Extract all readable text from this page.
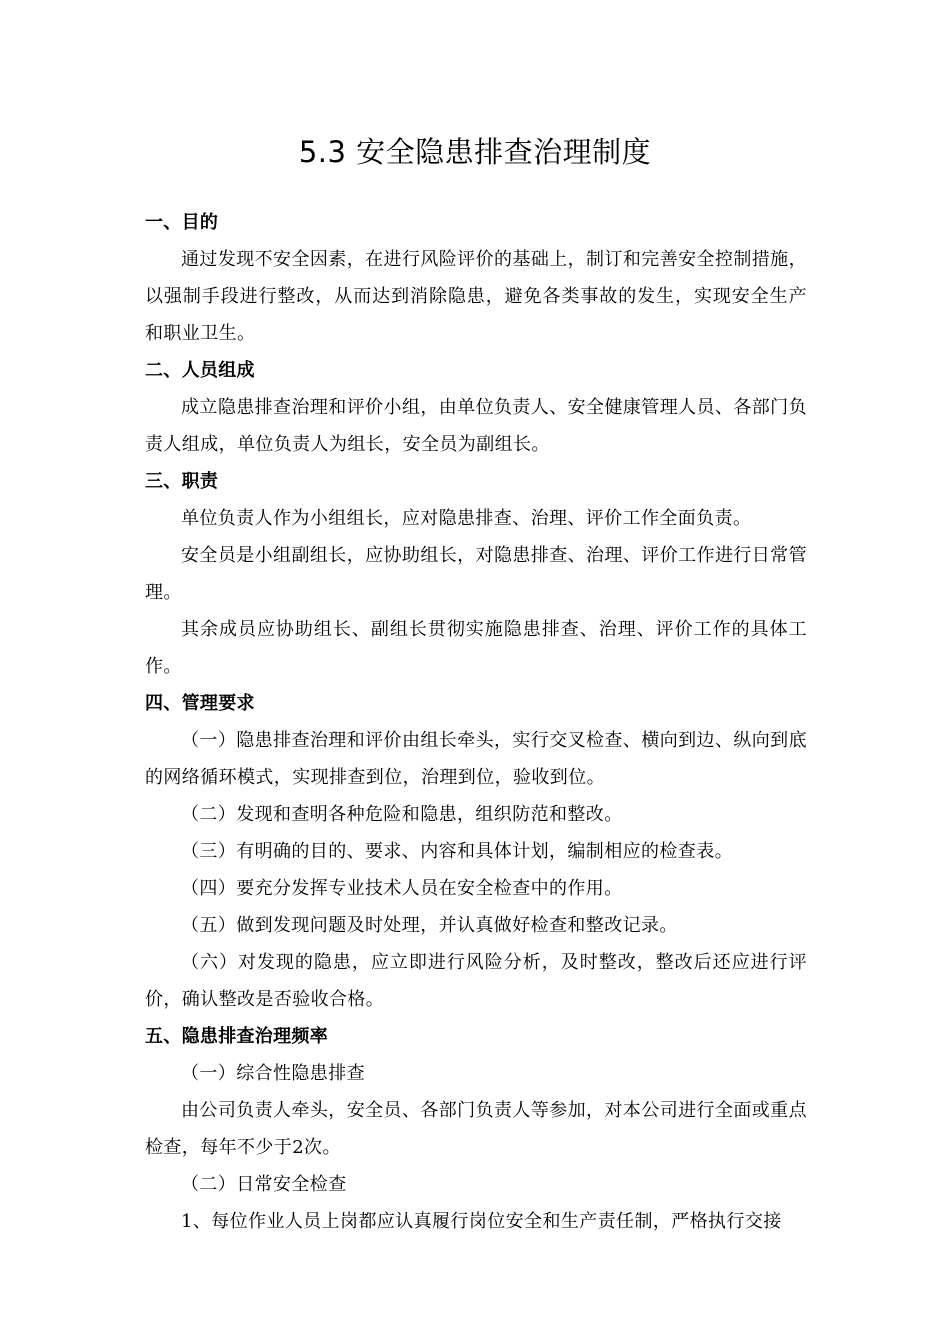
5.3 安全隐患排查治理制度

一、目的

通过发现不安全因素，在进行风险评价的基础上，制订和完善安全控制措施，以强制手段进行整改，从而达到消除隐患，避免各类事故的发生，实现安全生产和职业卫生。

二、人员组成

成立隐患排查治理和评价小组，由单位负责人、安全健康管理人员、各部门负责人组成，单位负责人为组长，安全员为副组长。

三、职责

单位负责人作为小组组长，应对隐患排查、治理、评价工作全面负责。

安全员是小组副组长，应协助组长，对隐患排查、治理、评价工作进行日常管理。

其余成员应协助组长、副组长贯彻实施隐患排查、治理、评价工作的具体工作。

四、管理要求

（一）隐患排查治理和评价由组长牵头，实行交叉检查、横向到边、纵向到底的网络循环模式，实现排查到位，治理到位，验收到位。

（二）发现和查明各种危险和隐患，组织防范和整改。

（三）有明确的目的、要求、内容和具体计划，编制相应的检查表。

（四）要充分发挥专业技术人员在安全检查中的作用。

（五）做到发现问题及时处理，并认真做好检查和整改记录。

（六）对发现的隐患，应立即进行风险分析，及时整改，整改后还应进行评价，确认整改是否验收合格。

五、隐患排查治理频率

（一）综合性隐患排查

由公司负责人牵头，安全员、各部门负责人等参加，对本公司进行全面或重点检查，每年不少于2次。

（二）日常安全检查

1、每位作业人员上岗都应认真履行岗位安全和生产责任制，严格执行交接
